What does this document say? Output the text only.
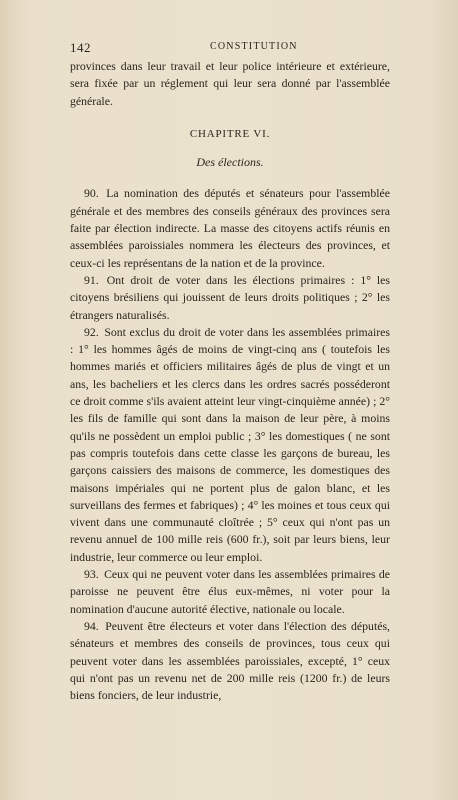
142	CONSTITUTION

provinces dans leur travail et leur police intérieure et extérieure, sera fixée par un réglement qui leur sera donné par l'assemblée générale.

CHAPITRE VI.
Des élections.

90. La nomination des députés et sénateurs pour l'assemblée générale et des membres des conseils généraux des provinces sera faite par élection indirecte. La masse des citoyens actifs réunis en assemblées paroissiales nommera les électeurs des provinces, et ceux-ci les représentans de la nation et de la province.

91. Ont droit de voter dans les élections primaires : 1° les citoyens brésiliens qui jouissent de leurs droits politiques ; 2° les étrangers naturalisés.

92. Sont exclus du droit de voter dans les assemblées primaires : 1° les hommes âgés de moins de vingt-cinq ans ( toutefois les hommes mariés et officiers militaires âgés de plus de vingt et un ans, les bacheliers et les clercs dans les ordres sacrés posséderont ce droit comme s'ils avaient atteint leur vingt-cinquième année) ; 2° les fils de famille qui sont dans la maison de leur père, à moins qu'ils ne possèdent un emploi public ; 3° les domestiques ( ne sont pas compris toutefois dans cette classe les garçons de bureau, les garçons caissiers des maisons de commerce, les domestiques des maisons impériales qui ne portent plus de galon blanc, et les surveillans des fermes et fabriques) ; 4° les moines et tous ceux qui vivent dans une communauté cloîtrée ; 5° ceux qui n'ont pas un revenu annuel de 100 mille reis (600 fr.), soit par leurs biens, leur industrie, leur commerce ou leur emploi.

93. Ceux qui ne peuvent voter dans les assemblées primaires de paroisse ne peuvent être élus eux-mêmes, ni voter pour la nomination d'aucune autorité élective, nationale ou locale.

94. Peuvent être électeurs et voter dans l'élection des députés, sénateurs et membres des conseils de provinces, tous ceux qui peuvent voter dans les assemblées paroissiales, excepté, 1° ceux qui n'ont pas un revenu net de 200 mille reis (1200 fr.) de leurs biens fonciers, de leur industrie,
